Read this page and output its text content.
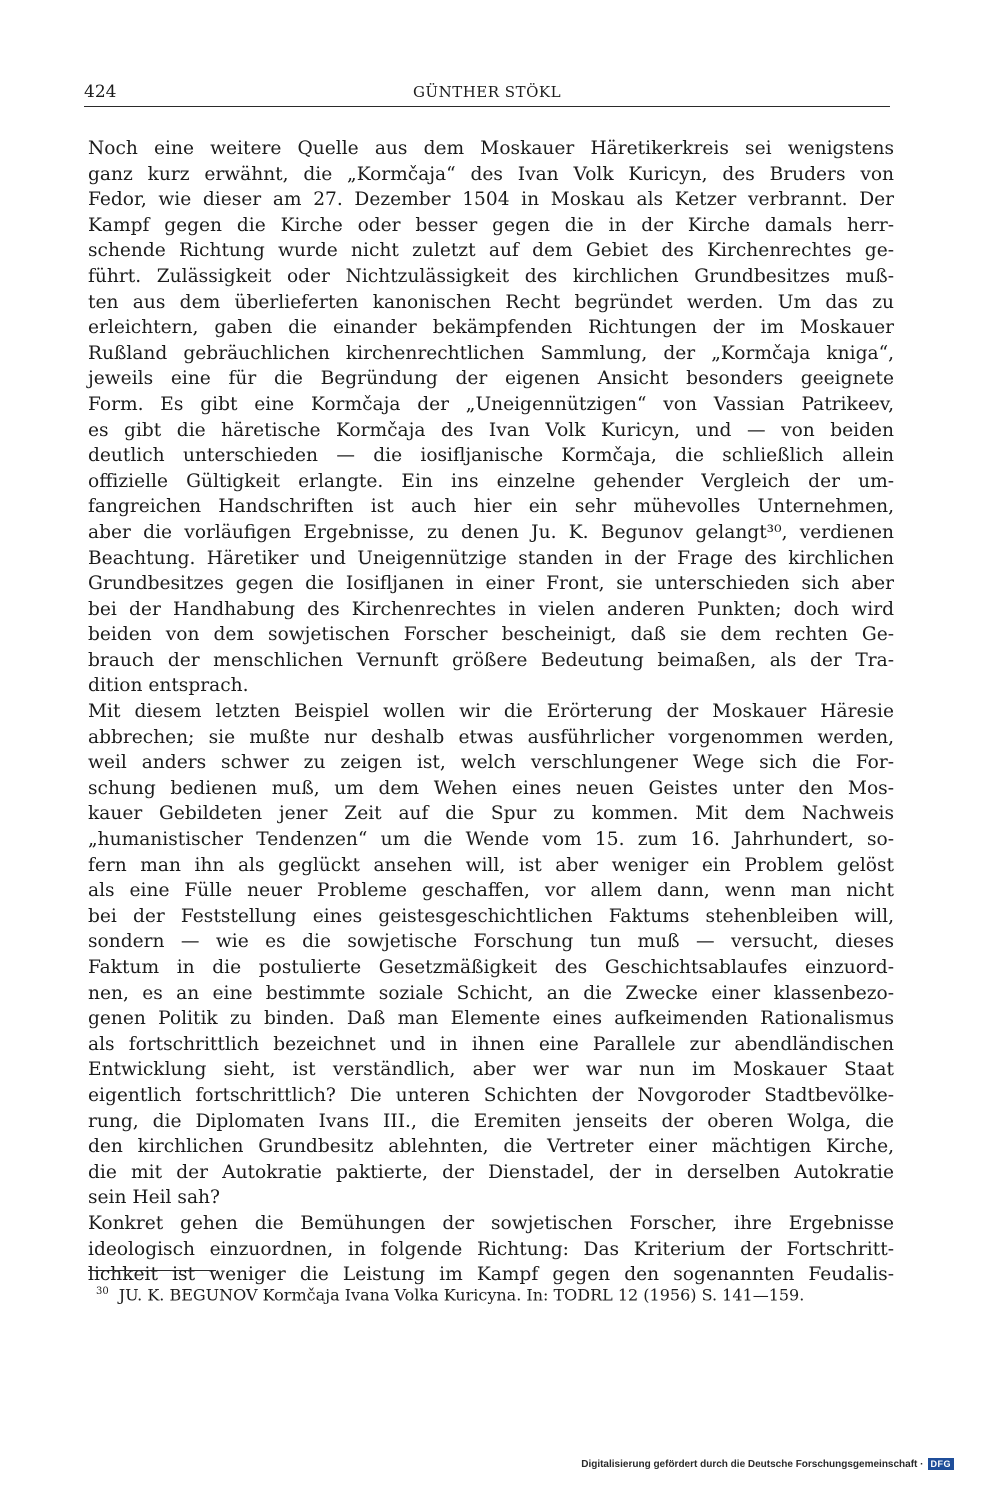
424	GÜNTHER STÖKL
Noch eine weitere Quelle aus dem Moskauer Häretikerkreis sei wenigstens
ganz kurz erwähnt, die „Kormčaja“ des Ivan Volk Kuricyn, des Bruders von
Fedor, wie dieser am 27. Dezember 1504 in Moskau als Ketzer verbrannt. Der
Kampf gegen die Kirche oder besser gegen die in der Kirche damals herr-
schende Richtung wurde nicht zuletzt auf dem Gebiet des Kirchenrechtes ge-
führt. Zulässigkeit oder Nichtzulässigkeit des kirchlichen Grundbesitzes muß-
ten aus dem überlieferten kanonischen Recht begründet werden. Um das zu
erleichtern, gaben die einander bekämpfenden Richtungen der im Moskauer
Rußland gebräuchlichen kirchenrechtlichen Sammlung, der „Kormčaja kniga“,
jeweils eine für die Begründung der eigenen Ansicht besonders geeignete
Form. Es gibt eine Kormčaja der „Uneigennützigen“ von Vassian Patrikeev,
es gibt die häretische Kormčaja des Ivan Volk Kuricyn, und — von beiden
deutlich unterschieden — die iosifljanische Kormčaja, die schließlich allein
offizielle Gültigkeit erlangte. Ein ins einzelne gehender Vergleich der um-
fangreichen Handschriften ist auch hier ein sehr mühevolles Unternehmen,
aber die vorläufigen Ergebnisse, zu denen Ju. K. Begunov gelangt³⁰, verdienen
Beachtung. Häretiker und Uneigennützige standen in der Frage des kirchlichen
Grundbesitzes gegen die Iosifljanen in einer Front, sie unterschieden sich aber
bei der Handhabung des Kirchenrechtes in vielen anderen Punkten; doch wird
beiden von dem sowjetischen Forscher bescheinigt, daß sie dem rechten Ge-
brauch der menschlichen Vernunft größere Bedeutung beimaßen, als der Tra-
dition entsprach.
Mit diesem letzten Beispiel wollen wir die Erörterung der Moskauer Häresie
abbrechen; sie mußte nur deshalb etwas ausführlicher vorgenommen werden,
weil anders schwer zu zeigen ist, welch verschlungener Wege sich die For-
schung bedienen muß, um dem Wehen eines neuen Geistes unter den Mos-
kauer Gebildeten jener Zeit auf die Spur zu kommen. Mit dem Nachweis
„humanistischer Tendenzen“ um die Wende vom 15. zum 16. Jahrhundert, so-
fern man ihn als geglückt ansehen will, ist aber weniger ein Problem gelöst
als eine Fülle neuer Probleme geschaffen, vor allem dann, wenn man nicht
bei der Feststellung eines geistesgeschichtlichen Faktums stehenbleiben will,
sondern — wie es die sowjetische Forschung tun muß — versucht, dieses
Faktum in die postulierte Gesetzmäßigkeit des Geschichtsablaufes einzuord-
nen, es an eine bestimmte soziale Schicht, an die Zwecke einer klassenbezo-
genen Politik zu binden. Daß man Elemente eines aufkeimenden Rationalismus
als fortschrittlich bezeichnet und in ihnen eine Parallele zur abendländischen
Entwicklung sieht, ist verständlich, aber wer war nun im Moskauer Staat
eigentlich fortschrittlich? Die unteren Schichten der Novgoroder Stadtbevölke-
rung, die Diplomaten Ivans III., die Eremiten jenseits der oberen Wolga, die
den kirchlichen Grundbesitz ablehnten, die Vertreter einer mächtigen Kirche,
die mit der Autokratie paktierte, der Dienstadel, der in derselben Autokratie
sein Heil sah?
Konkret gehen die Bemühungen der sowjetischen Forscher, ihre Ergebnisse
ideologisch einzuordnen, in folgende Richtung: Das Kriterium der Fortschritt-
lichkeit ist weniger die Leistung im Kampf gegen den sogenannten Feudalis-
$^{30}$ JU. K. BEGUNOV Kormčaja Ivana Volka Kuricyna. In: TODRL 12 (1956) S. 141—159.
Digitalisierung gefördert durch die Deutsche Forschungsgemeinschaft · DFG
